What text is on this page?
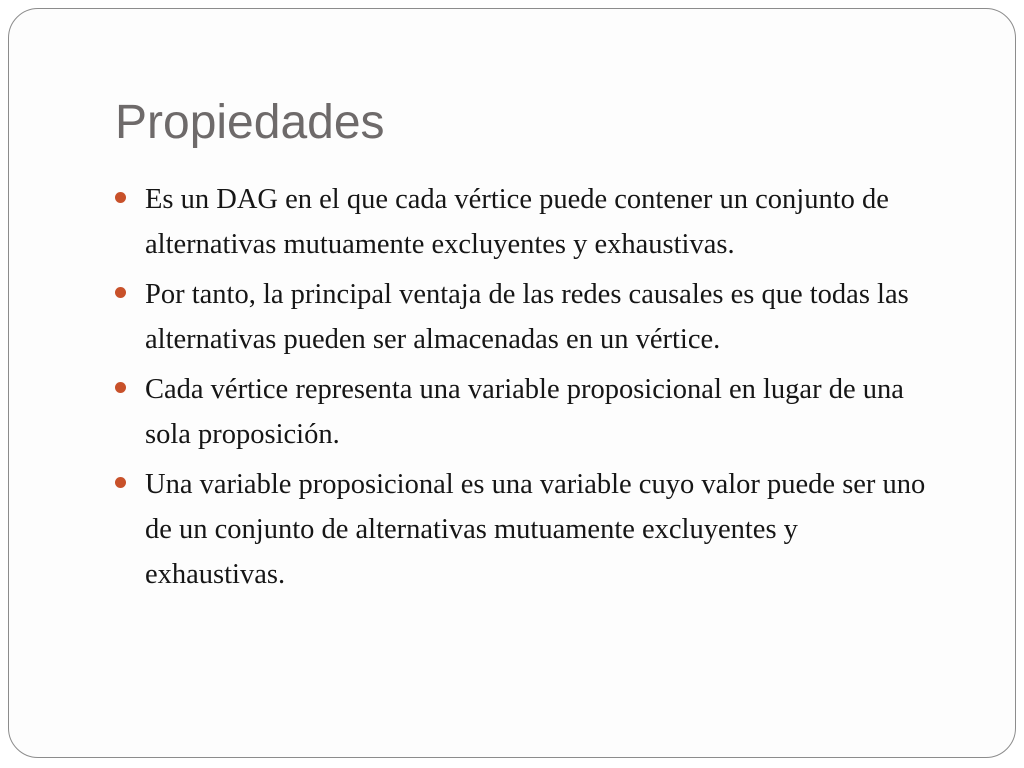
Propiedades
Es un DAG en el que cada vértice puede contener un conjunto de alternativas mutuamente excluyentes y exhaustivas.
Por tanto, la principal ventaja de las redes causales es que todas las alternativas pueden ser almacenadas en un vértice.
Cada vértice representa una variable proposicional en lugar de una sola proposición.
Una variable proposicional es una variable cuyo valor puede ser uno de un conjunto de alternativas mutuamente excluyentes y exhaustivas.
